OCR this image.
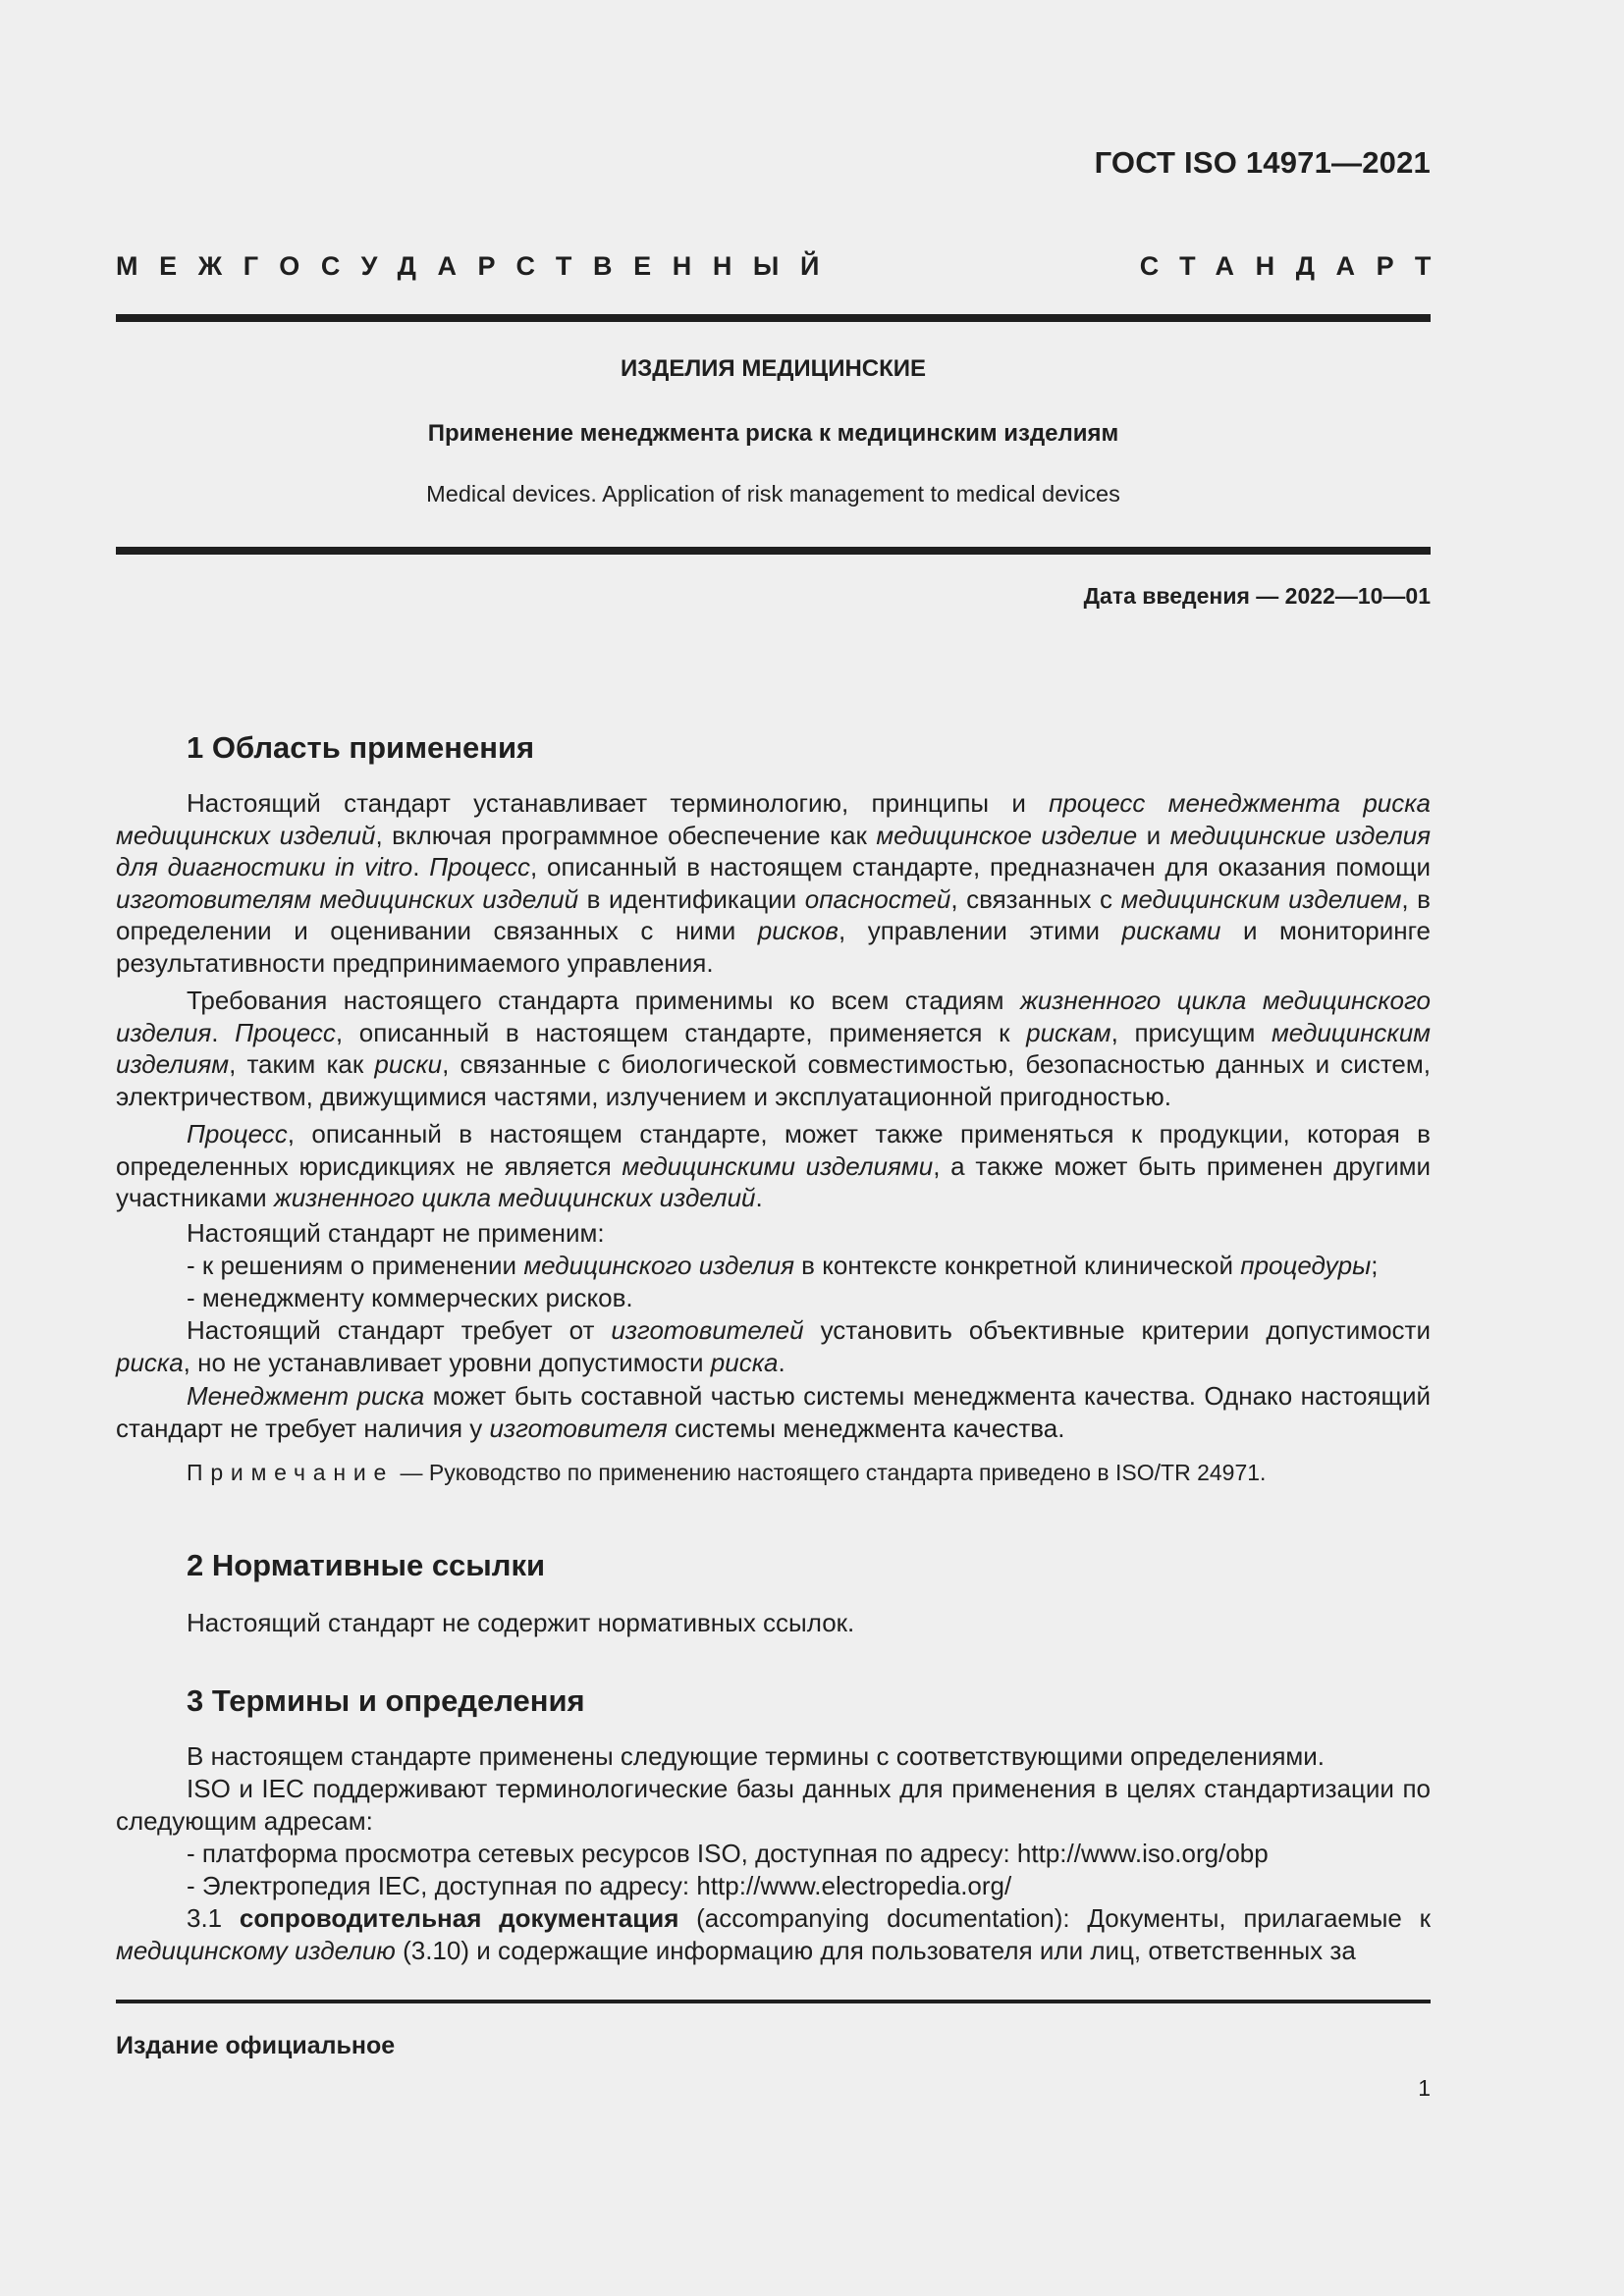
ГОСТ ISO 14971—2021
МЕЖГОСУДАРСТВЕННЫЙ	СТАНДАРТ
ИЗДЕЛИЯ МЕДИЦИНСКИЕ
Применение менеджмента риска к медицинским изделиям
Medical devices. Application of risk management to medical devices
Дата введения — 2022—10—01
1 Область применения
Настоящий стандарт устанавливает терминологию, принципы и процесс менеджмента риска медицинских изделий, включая программное обеспечение как медицинское изделие и медицинские изделия для диагностики in vitro. Процесс, описанный в настоящем стандарте, предназначен для оказания помощи изготовителям медицинских изделий в идентификации опасностей, связанных с медицинским изделием, в определении и оценивании связанных с ними рисков, управлении этими рисками и мониторинге результативности предпринимаемого управления.
Требования настоящего стандарта применимы ко всем стадиям жизненного цикла медицинского изделия. Процесс, описанный в настоящем стандарте, применяется к рискам, присущим медицинским изделиям, таким как риски, связанные с биологической совместимостью, безопасностью данных и систем, электричеством, движущимися частями, излучением и эксплуатационной пригодностью.
Процесс, описанный в настоящем стандарте, может также применяться к продукции, которая в определенных юрисдикциях не является медицинскими изделиями, а также может быть применен другими участниками жизненного цикла медицинских изделий.
Настоящий стандарт не применим:
- к решениям о применении медицинского изделия в контексте конкретной клинической процедуры;
- менеджменту коммерческих рисков.
Настоящий стандарт требует от изготовителей установить объективные критерии допустимости риска, но не устанавливает уровни допустимости риска.
Менеджмент риска может быть составной частью системы менеджмента качества. Однако настоящий стандарт не требует наличия у изготовителя системы менеджмента качества.
Примечание — Руководство по применению настоящего стандарта приведено в ISO/TR 24971.
2 Нормативные ссылки
Настоящий стандарт не содержит нормативных ссылок.
3 Термины и определения
В настоящем стандарте применены следующие термины с соответствующими определениями.
ISO и IEC поддерживают терминологические базы данных для применения в целях стандартизации по следующим адресам:
- платформа просмотра сетевых ресурсов ISO, доступная по адресу: http://www.iso.org/obp
- Электропедия IEC, доступная по адресу: http://www.electropedia.org/
3.1 сопроводительная документация (accompanying documentation): Документы, прилагаемые к медицинскому изделию (3.10) и содержащие информацию для пользователя или лиц, ответственных за
Издание официальное
1
